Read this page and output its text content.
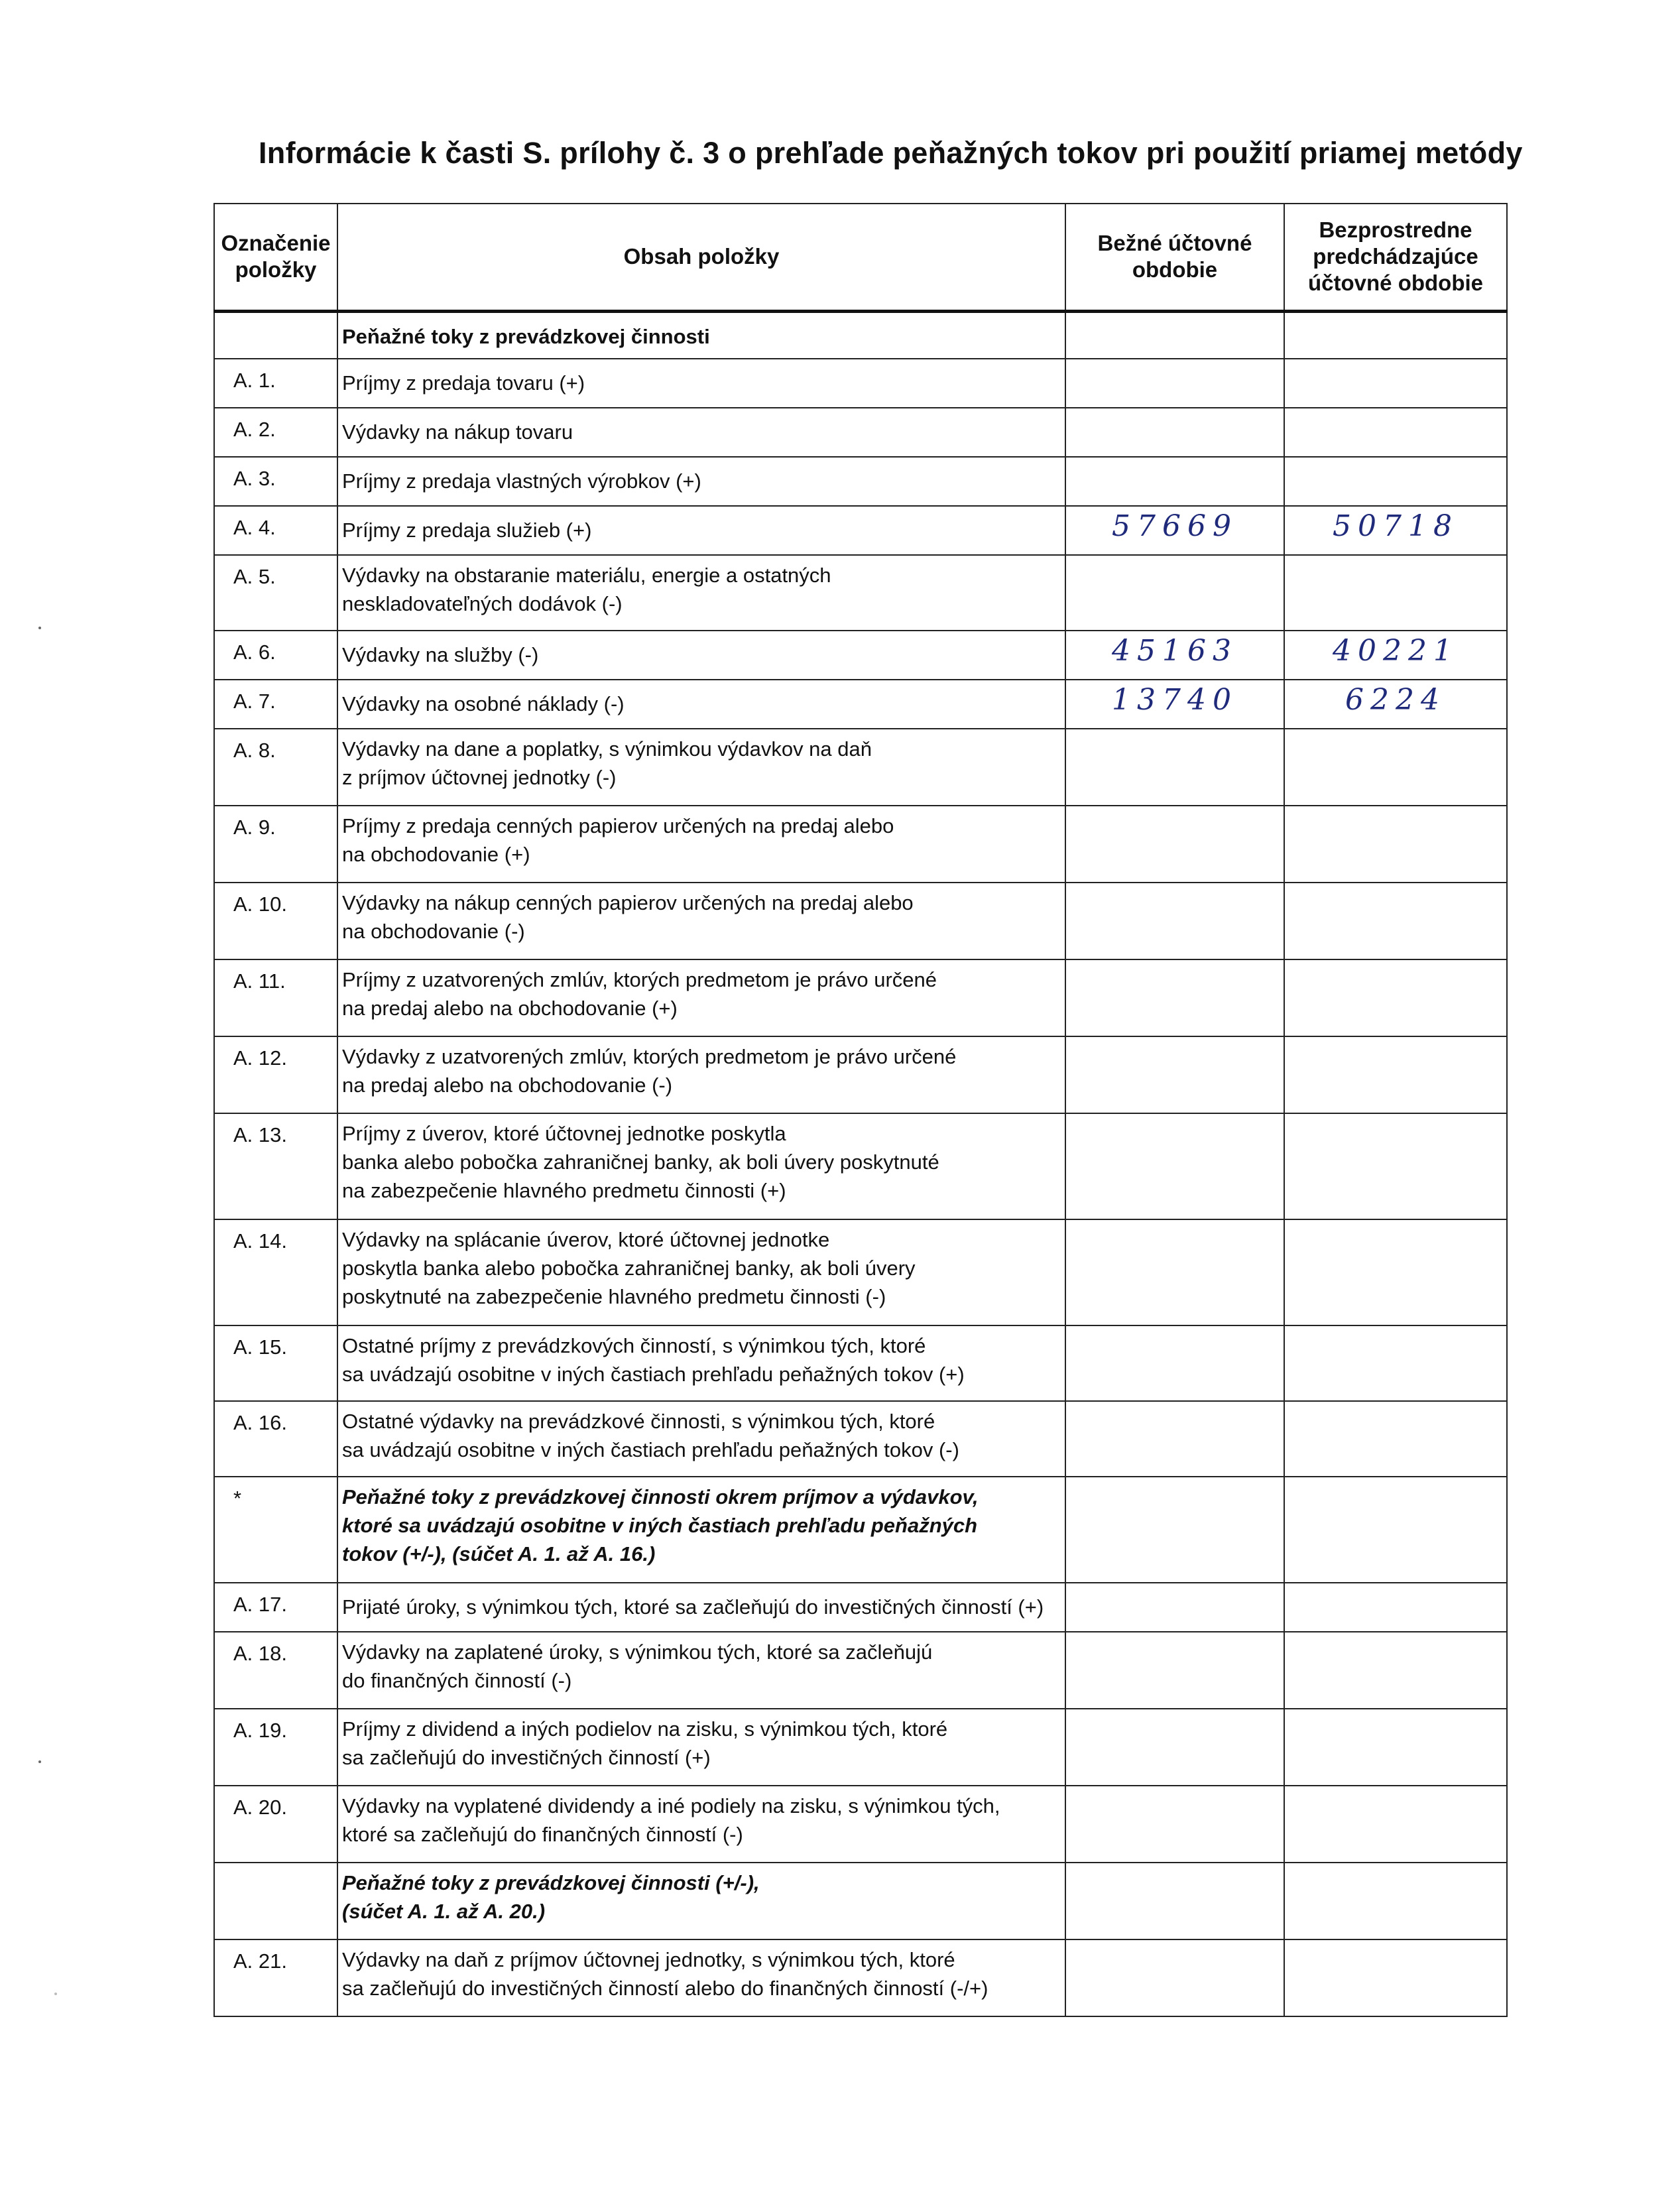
Informácie k časti S. prílohy č. 3 o prehľade peňažných tokov pri použití priamej metódy
Označenie položky	Obsah položky	Bežné účtovné obdobie	Bezprostredne predchádzajúce účtovné obdobie
	Peňažné toky z prevádzkovej činnosti	

A. 1.	Príjmy z predaja tovaru (+)	

A. 2.	Výdavky na nákup tovaru	

A. 3.	Príjmy z predaja vlastných výrobkov (+)	

A. 4.	Príjmy z predaja služieb (+)	57669	50718

A. 5.	Výdavky na obstaranie materiálu, energie a ostatných
neskladovateľných dodávok (-)	

A. 6.	Výdavky na služby (-)	45163	40221

A. 7.	Výdavky na osobné náklady (-)	13740	6224

A. 8.	Výdavky na dane a poplatky, s výnimkou výdavkov na daň
z príjmov účtovnej jednotky (-)	

A. 9.	Príjmy z predaja cenných papierov určených na predaj alebo
na obchodovanie (+)	

A. 10.	Výdavky na nákup cenných papierov určených na predaj alebo
na obchodovanie (-)	

A. 11.	Príjmy z uzatvorených zmlúv, ktorých predmetom je právo určené
na predaj alebo na obchodovanie (+)	

A. 12.	Výdavky z uzatvorených zmlúv, ktorých predmetom je právo určené
na predaj alebo na obchodovanie (-)	

A. 13.	Príjmy z úverov, ktoré účtovnej jednotke poskytla
banka alebo pobočka zahraničnej banky, ak boli úvery poskytnuté
na zabezpečenie hlavného predmetu činnosti (+)	

A. 14.	Výdavky na splácanie úverov, ktoré účtovnej jednotke
poskytla banka alebo pobočka zahraničnej banky, ak boli úvery
poskytnuté na zabezpečenie hlavného predmetu činnosti (-)	

A. 15.	Ostatné príjmy z prevádzkových činností, s výnimkou tých, ktoré
sa uvádzajú osobitne v iných častiach prehľadu peňažných tokov (+)	

A. 16.	Ostatné výdavky na prevádzkové činnosti, s výnimkou tých, ktoré
sa uvádzajú osobitne v iných častiach prehľadu peňažných tokov (-)	

*	Peňažné toky z prevádzkovej činnosti okrem príjmov a výdavkov,
ktoré sa uvádzajú osobitne v iných častiach prehľadu peňažných
tokov (+/-), (súčet A. 1. až A. 16.)	

A. 17.	Prijaté úroky, s výnimkou tých, ktoré sa začleňujú do investičných činností (+)	

A. 18.	Výdavky na zaplatené úroky, s výnimkou tých, ktoré sa začleňujú
do finančných činností (-)	

A. 19.	Príjmy z dividend a iných podielov na zisku, s výnimkou tých, ktoré
sa začleňujú do investičných činností (+)	

A. 20.	Výdavky na vyplatené dividendy a iné podiely na zisku, s výnimkou tých,
ktoré sa začleňujú do finančných činností (-)	

	Peňažné toky z prevádzkovej činnosti (+/-),
(súčet A. 1. až A. 20.)	

A. 21.	Výdavky na daň z príjmov účtovnej jednotky, s výnimkou tých, ktoré
sa začleňujú do investičných činností alebo do finančných činností (-/+)	
